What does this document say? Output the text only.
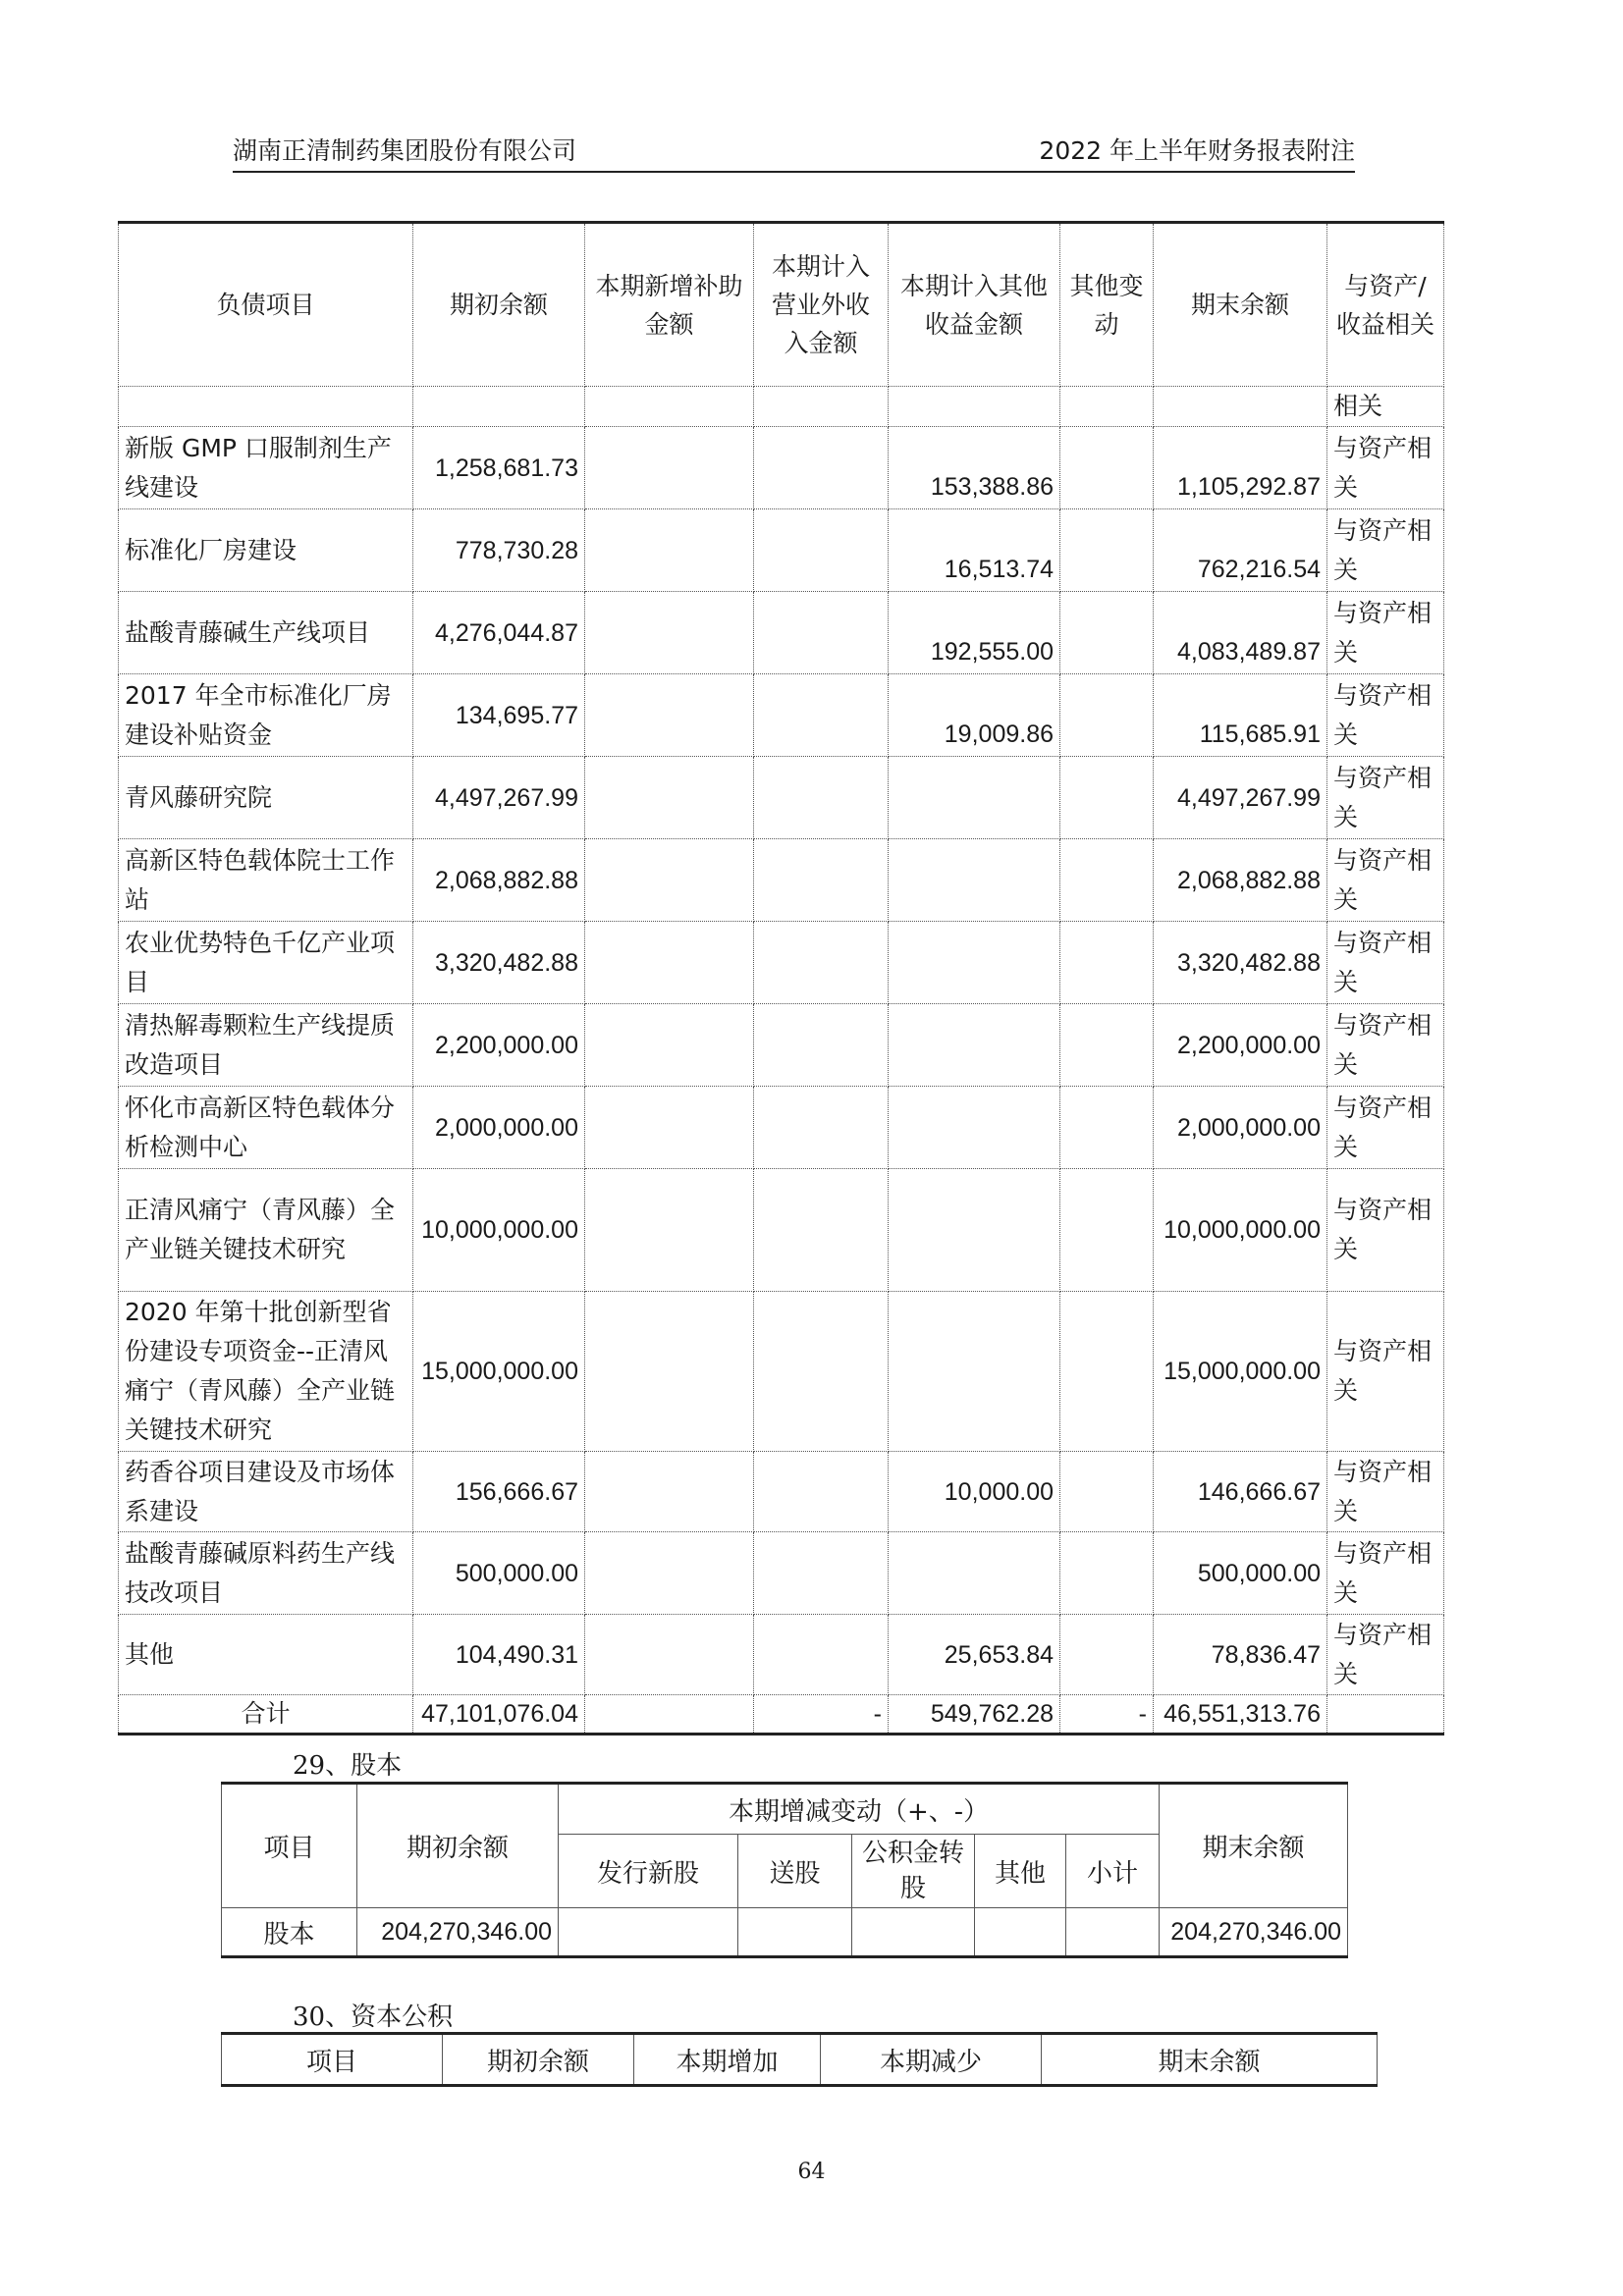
湖南正清制药集团股份有限公司	2022 年上半年财务报表附注
负债项目	期初余额	本期新增补助金额	本期计入营业外收入金额	本期计入其他收益金额	其他变动	期末余额	与资产/收益相关
							相关
新版 GMP 口服制剂生产线建设	1,258,681.73			153,388.86		1,105,292.87	与资产相关
标准化厂房建设	778,730.28			16,513.74		762,216.54	与资产相关
盐酸青藤碱生产线项目	4,276,044.87			192,555.00		4,083,489.87	与资产相关
2017 年全市标准化厂房建设补贴资金	134,695.77			19,009.86		115,685.91	与资产相关
青风藤研究院	4,497,267.99					4,497,267.99	与资产相关
高新区特色载体院士工作站	2,068,882.88					2,068,882.88	与资产相关
农业优势特色千亿产业项目	3,320,482.88					3,320,482.88	与资产相关
清热解毒颗粒生产线提质改造项目	2,200,000.00					2,200,000.00	与资产相关
怀化市高新区特色载体分析检测中心	2,000,000.00					2,000,000.00	与资产相关
正清风痛宁（青风藤）全产业链关键技术研究	10,000,000.00					10,000,000.00	与资产相关
2020 年第十批创新型省份建设专项资金--正清风痛宁（青风藤）全产业链关键技术研究	15,000,000.00					15,000,000.00	与资产相关
药香谷项目建设及市场体系建设	156,666.67			10,000.00		146,666.67	与资产相关
盐酸青藤碱原料药生产线技改项目	500,000.00					500,000.00	与资产相关
其他	104,490.31			25,653.84		78,836.47	与资产相关
合计	47,101,076.04		-	549,762.28	-	46,551,313.76	
29、股本
项目	期初余额	本期增减变动（+、-）					期末余额
		发行新股	送股	公积金转股	其他	小计	
股本	204,270,346.00						204,270,346.00
30、资本公积
项目	期初余额	本期增加	本期减少	期末余额
64
